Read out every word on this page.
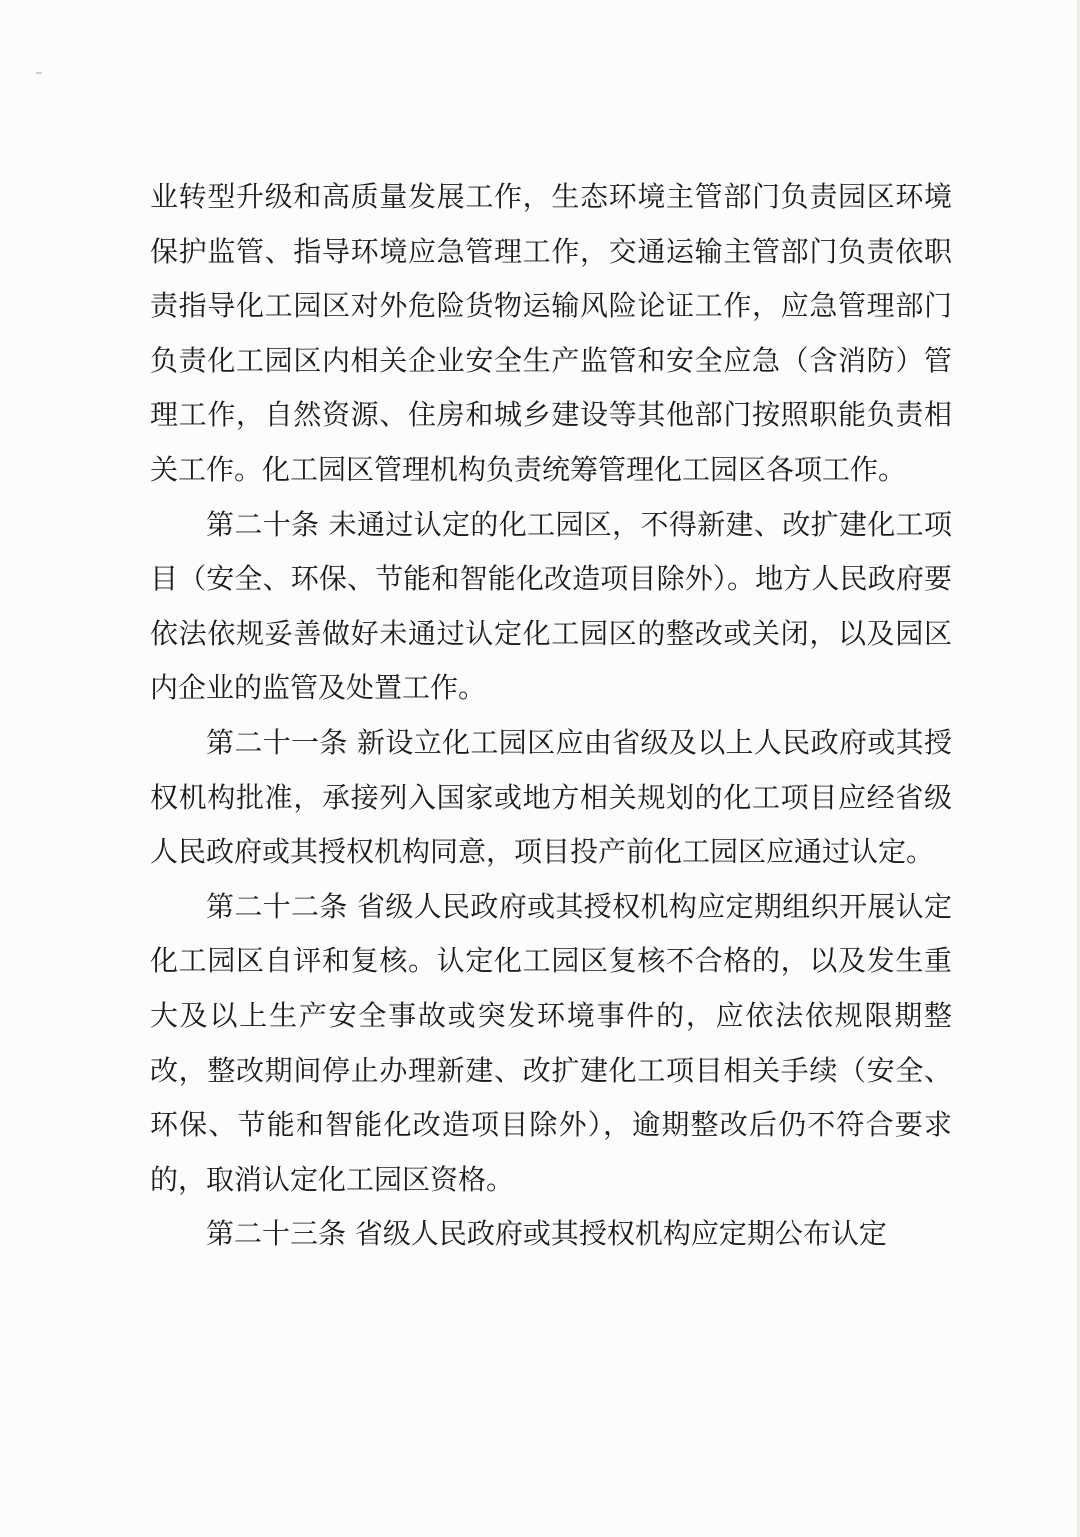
业转型升级和高质量发展工作，生态环境主管部门负责园区环境保护监管、指导环境应急管理工作，交通运输主管部门负责依职责指导化工园区对外危险货物运输风险论证工作，应急管理部门负责化工园区内相关企业安全生产监管和安全应急（含消防）管理工作，自然资源、住房和城乡建设等其他部门按照职能负责相关工作。化工园区管理机构负责统筹管理化工园区各项工作。

第二十条 未通过认定的化工园区，不得新建、改扩建化工项目（安全、环保、节能和智能化改造项目除外）。地方人民政府要依法依规妥善做好未通过认定化工园区的整改或关闭，以及园区内企业的监管及处置工作。

第二十一条 新设立化工园区应由省级及以上人民政府或其授权机构批准，承接列入国家或地方相关规划的化工项目应经省级人民政府或其授权机构同意，项目投产前化工园区应通过认定。

第二十二条 省级人民政府或其授权机构应定期组织开展认定化工园区自评和复核。认定化工园区复核不合格的，以及发生重大及以上生产安全事故或突发环境事件的，应依法依规限期整改，整改期间停止办理新建、改扩建化工项目相关手续（安全、环保、节能和智能化改造项目除外），逾期整改后仍不符合要求的，取消认定化工园区资格。

第二十三条 省级人民政府或其授权机构应定期公布认定
